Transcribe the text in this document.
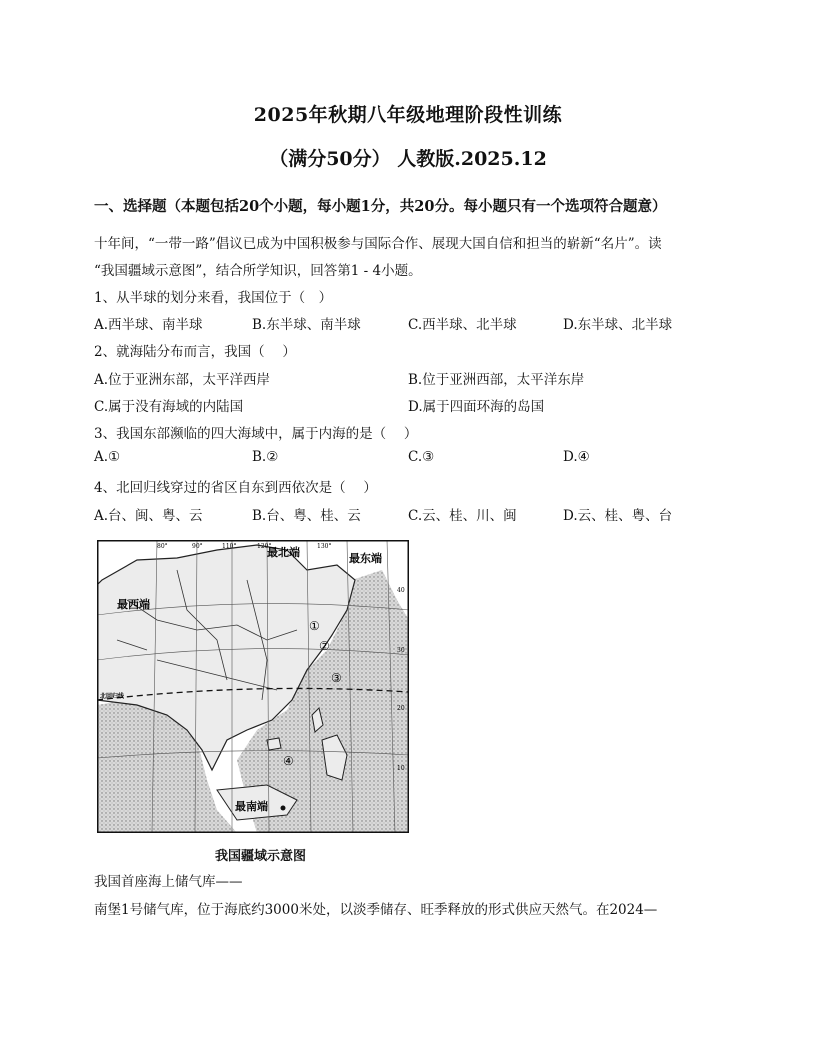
2025年秋期八年级地理阶段性训练
（满分50分） 人教版.2025.12
一、选择题（本题包括20个小题，每小题1分，共20分。每小题只有一个选项符合题意）
十年间，“一带一路”倡议已成为中国积极参与国际合作、展现大国自信和担当的崭新“名片”。读
“我国疆域示意图”，结合所学知识，回答第1 - 4小题。
1、从半球的划分来看，我国位于（　）
A.西半球、南半球	B.东半球、南半球	C.西半球、北半球	D.东半球、北半球
2、就海陆分布而言，我国（　 ）
A.位于亚洲东部，太平洋西岸	B.位于亚洲西部，太平洋东岸
C.属于没有海域的内陆国	D.属于四面环海的岛国
3、我国东部濒临的四大海域中，属于内海的是（　 ）
A.①	B.②	C.③	D.④
4、北回归线穿过的省区自东到西依次是（　 ）
A.台、闽、粤、云	B.台、粤、桂、云	C.云、桂、川、闽	D.云、桂、粤、台
80°	90°	110°	120°	130°
40
30
20
10
最北端	最东端
最西端
最南端
北回归线
①
②
③
④
我国疆域示意图
我国首座海上储气库——
南堡1号储气库，位于海底约3000米处，以淡季储存、旺季释放的形式供应天然气。在2024—
